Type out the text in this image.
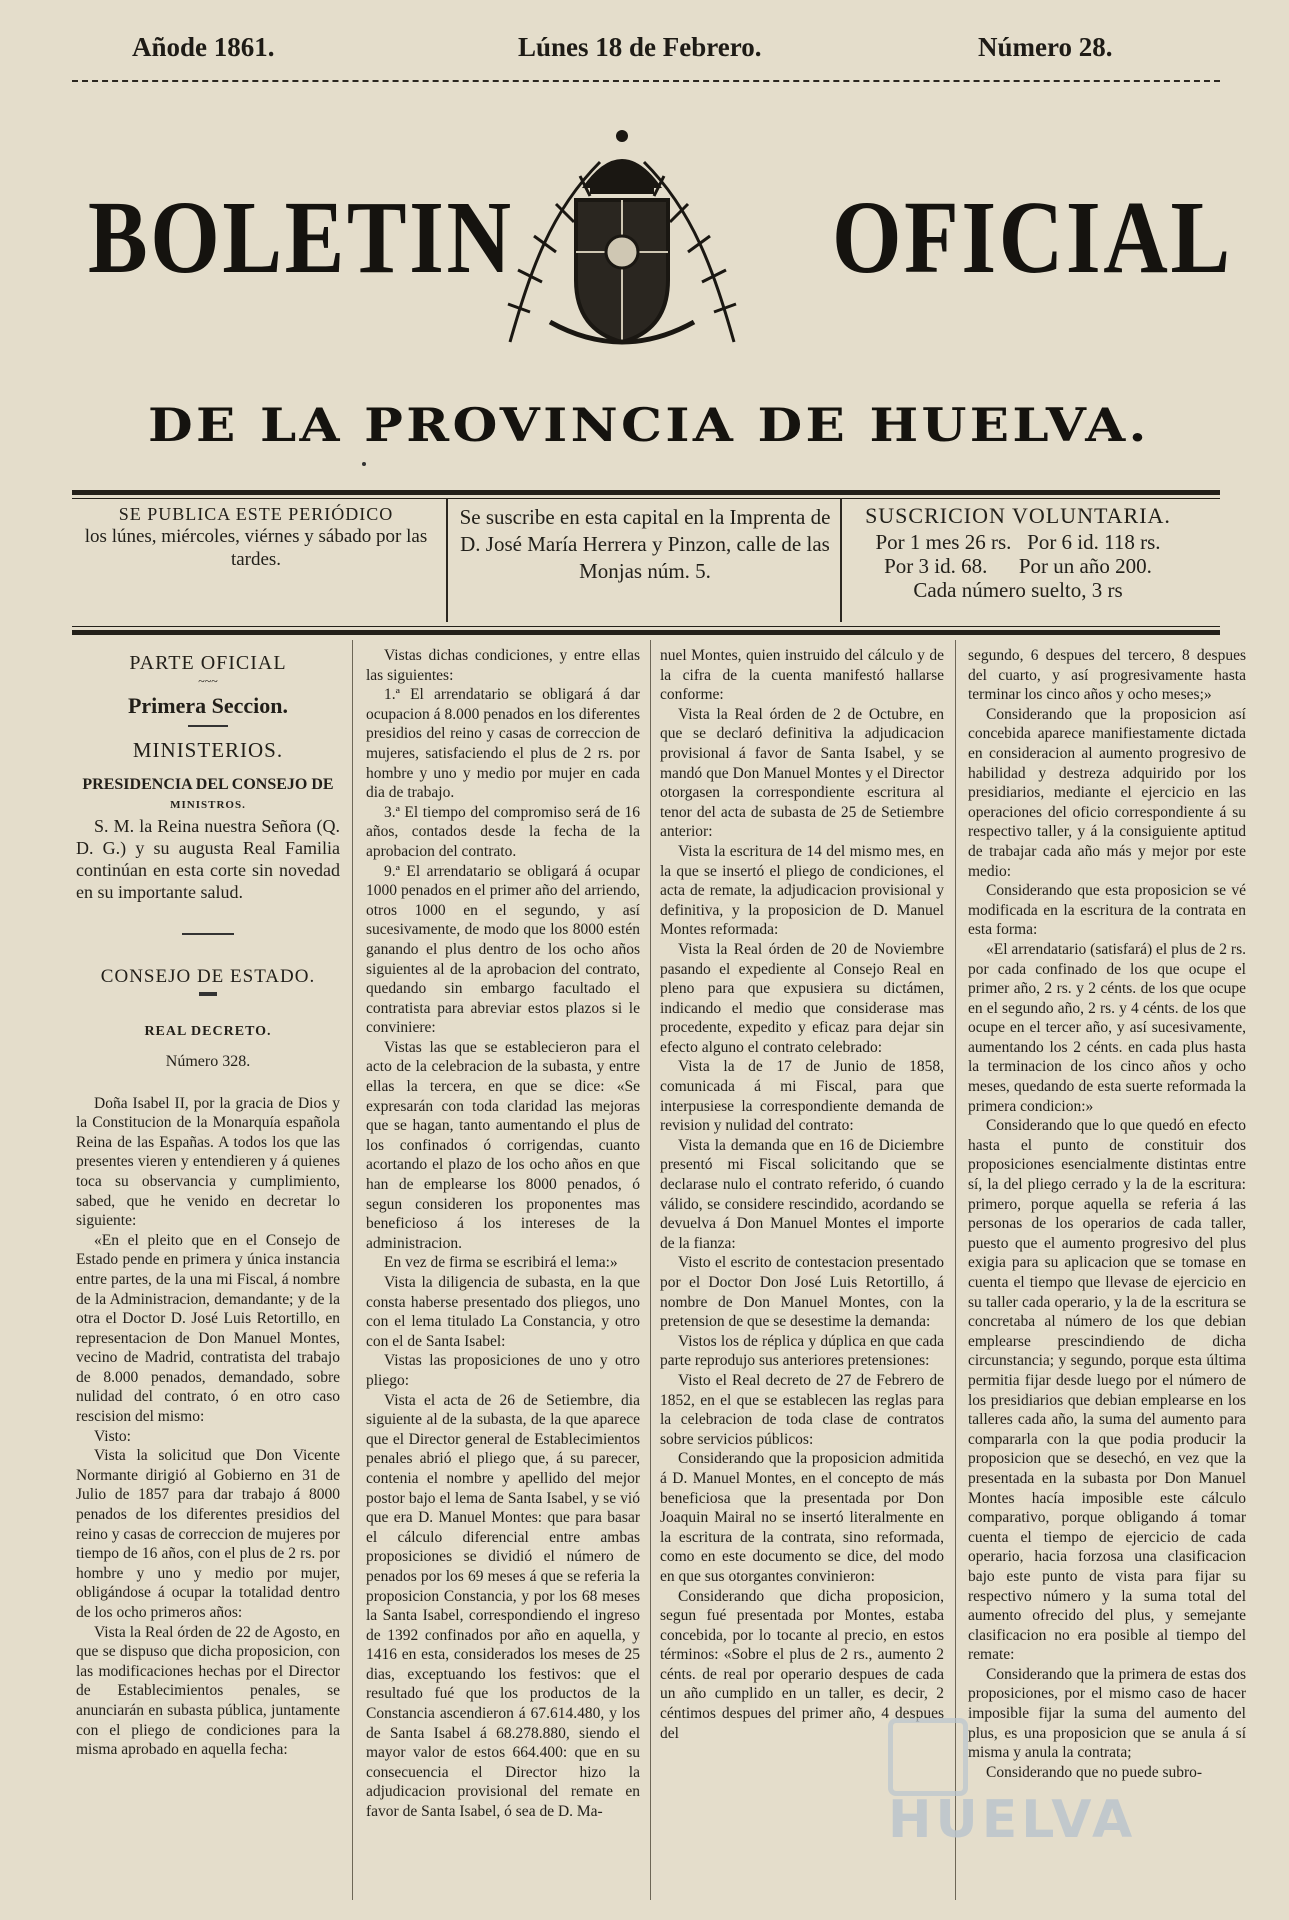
Añode 1861.	Lúnes 18 de Febrero.	Número 28.
BOLETIN	OFICIAL
DE LA PROVINCIA DE HUELVA.
SE PUBLICA ESTE PERIÓDICO
los lúnes, miércoles, viérnes y sábado por las tardes.
Se suscribe en esta capital en la Imprenta de D. José María Herrera y Pinzon, calle de las Monjas núm. 5.
SUSCRICION VOLUNTARIA.
Por 1 mes 26 rs.   Por 6 id. 118 rs.
Por 3 id. 68.      Por un año 200.
Cada número suelto, 3 rs
PARTE OFICIAL
~~~
Primera Seccion.
MINISTERIOS.
PRESIDENCIA DEL CONSEJO DE
MINISTROS.

S. M. la Reina nuestra Señora (Q. D. G.) y su augusta Real Familia continúan en esta corte sin novedad en su importante salud.

CONSEJO DE ESTADO.
REAL DECRETO.
Número 328.

Doña Isabel II, por la gracia de Dios y la Constitucion de la Monarquía española Reina de las Españas. A todos los que las presentes vieren y entendieren y á quienes toca su observancia y cumplimiento, sabed, que he venido en decretar lo siguiente:

«En el pleito que en el Consejo de Estado pende en primera y única instancia entre partes, de la una mi Fiscal, á nombre de la Administracion, demandante; y de la otra el Doctor D. José Luis Retortillo, en representacion de Don Manuel Montes, vecino de Madrid, contratista del trabajo de 8.000 penados, demandado, sobre nulidad del contrato, ó en otro caso rescision del mismo:

Visto:

Vista la solicitud que Don Vicente Normante dirigió al Gobierno en 31 de Julio de 1857 para dar trabajo á 8000 penados de los diferentes presidios del reino y casas de correccion de mujeres por tiempo de 16 años, con el plus de 2 rs. por hombre y uno y medio por mujer, obligándose á ocupar la totalidad dentro de los ocho primeros años:

Vista la Real órden de 22 de Agosto, en que se dispuso que dicha proposicion, con las modificaciones hechas por el Director de Establecimientos penales, se anunciarán en subasta pública, juntamente con el pliego de condiciones para la misma aprobado en aquella fecha:

Vistas dichas condiciones, y entre ellas las siguientes:

1.ª El arrendatario se obligará á dar ocupacion á 8.000 penados en los diferentes presidios del reino y casas de correccion de mujeres, satisfaciendo el plus de 2 rs. por hombre y uno y medio por mujer en cada dia de trabajo.

3.ª El tiempo del compromiso será de 16 años, contados desde la fecha de la aprobacion del contrato.

9.ª El arrendatario se obligará á ocupar 1000 penados en el primer año del arriendo, otros 1000 en el segundo, y así sucesivamente, de modo que los 8000 estén ganando el plus dentro de los ocho años siguientes al de la aprobacion del contrato, quedando sin embargo facultado el contratista para abreviar estos plazos si le conviniere:

Vistas las que se establecieron para el acto de la celebracion de la subasta, y entre ellas la tercera, en que se dice: «Se expresarán con toda claridad las mejoras que se hagan, tanto aumentando el plus de los confinados ó corrigendas, cuanto acortando el plazo de los ocho años en que han de emplearse los 8000 penados, ó segun consideren los proponentes mas beneficioso á los intereses de la administracion.

En vez de firma se escribirá el lema:»

Vista la diligencia de subasta, en la que consta haberse presentado dos pliegos, uno con el lema titulado La Constancia, y otro con el de Santa Isabel:

Vistas las proposiciones de uno y otro pliego:

Vista el acta de 26 de Setiembre, dia siguiente al de la subasta, de la que aparece que el Director general de Establecimientos penales abrió el pliego que, á su parecer, contenia el nombre y apellido del mejor postor bajo el lema de Santa Isabel, y se vió que era D. Manuel Montes: que para basar el cálculo diferencial entre ambas proposiciones se dividió el número de penados por los 69 meses á que se referia la proposicion Constancia, y por los 68 meses la Santa Isabel, correspondiendo el ingreso de 1392 confinados por año en aquella, y 1416 en esta, considerados los meses de 25 dias, exceptuando los festivos: que el resultado fué que los productos de la Constancia ascendieron á 67.614.480, y los de Santa Isabel á 68.278.880, siendo el mayor valor de estos 664.400: que en su consecuencia el Director hizo la adjudicacion provisional del remate en favor de Santa Isabel, ó sea de D. Ma-

nuel Montes, quien instruido del cálculo y de la cifra de la cuenta manifestó hallarse conforme:

Vista la Real órden de 2 de Octubre, en que se declaró definitiva la adjudicacion provisional á favor de Santa Isabel, y se mandó que Don Manuel Montes y el Director otorgasen la correspondiente escritura al tenor del acta de subasta de 25 de Setiembre anterior:

Vista la escritura de 14 del mismo mes, en la que se insertó el pliego de condiciones, el acta de remate, la adjudicacion provisional y definitiva, y la proposicion de D. Manuel Montes reformada:

Vista la Real órden de 20 de Noviembre pasando el expediente al Consejo Real en pleno para que expusiera su dictámen, indicando el medio que considerase mas procedente, expedito y eficaz para dejar sin efecto alguno el contrato celebrado:

Vista la de 17 de Junio de 1858, comunicada á mi Fiscal, para que interpusiese la correspondiente demanda de revision y nulidad del contrato:

Vista la demanda que en 16 de Diciembre presentó mi Fiscal solicitando que se declarase nulo el contrato referido, ó cuando válido, se considere rescindido, acordando se devuelva á Don Manuel Montes el importe de la fianza:

Visto el escrito de contestacion presentado por el Doctor Don José Luis Retortillo, á nombre de Don Manuel Montes, con la pretension de que se desestime la demanda:

Vistos los de réplica y dúplica en que cada parte reprodujo sus anteriores pretensiones:

Visto el Real decreto de 27 de Febrero de 1852, en el que se establecen las reglas para la celebracion de toda clase de contratos sobre servicios públicos:

Considerando que la proposicion admitida á D. Manuel Montes, en el concepto de más beneficiosa que la presentada por Don Joaquin Mairal no se insertó literalmente en la escritura de la contrata, sino reformada, como en este documento se dice, del modo en que sus otorgantes convinieron:

Considerando que dicha proposicion, segun fué presentada por Montes, estaba concebida, por lo tocante al precio, en estos términos: «Sobre el plus de 2 rs., aumento 2 cénts. de real por operario despues de cada un año cumplido en un taller, es decir, 2 céntimos despues del primer año, 4 despues del

segundo, 6 despues del tercero, 8 despues del cuarto, y así progresivamente hasta terminar los cinco años y ocho meses;»

Considerando que la proposicion así concebida aparece manifiestamente dictada en consideracion al aumento progresivo de habilidad y destreza adquirido por los presidiarios, mediante el ejercicio en las operaciones del oficio correspondiente á su respectivo taller, y á la consiguiente aptitud de trabajar cada año más y mejor por este medio:

Considerando que esta proposicion se vé modificada en la escritura de la contrata en esta forma:

«El arrendatario (satisfará) el plus de 2 rs. por cada confinado de los que ocupe el primer año, 2 rs. y 2 cénts. de los que ocupe en el segundo año, 2 rs. y 4 cénts. de los que ocupe en el tercer año, y así sucesivamente, aumentando los 2 cénts. en cada plus hasta la terminacion de los cinco años y ocho meses, quedando de esta suerte reformada la primera condicion:»

Considerando que lo que quedó en efecto hasta el punto de constituir dos proposiciones esencialmente distintas entre sí, la del pliego cerrado y la de la escritura: primero, porque aquella se referia á las personas de los operarios de cada taller, puesto que el aumento progresivo del plus exigia para su aplicacion que se tomase en cuenta el tiempo que llevase de ejercicio en su taller cada operario, y la de la escritura se concretaba al número de los que debian emplearse prescindiendo de dicha circunstancia; y segundo, porque esta última permitia fijar desde luego por el número de los presidiarios que debian emplearse en los talleres cada año, la suma del aumento para compararla con la que podia producir la proposicion que se desechó, en vez que la presentada en la subasta por Don Manuel Montes hacía imposible este cálculo comparativo, porque obligando á tomar cuenta el tiempo de ejercicio de cada operario, hacia forzosa una clasificacion bajo este punto de vista para fijar su respectivo número y la suma total del aumento ofrecido del plus, y semejante clasificacion no era posible al tiempo del remate:

Considerando que la primera de estas dos proposiciones, por el mismo caso de hacer imposible fijar la suma del aumento del plus, es una proposicion que se anula á sí misma y anula la contrata;

Considerando que no puede subro-

HUELVA
